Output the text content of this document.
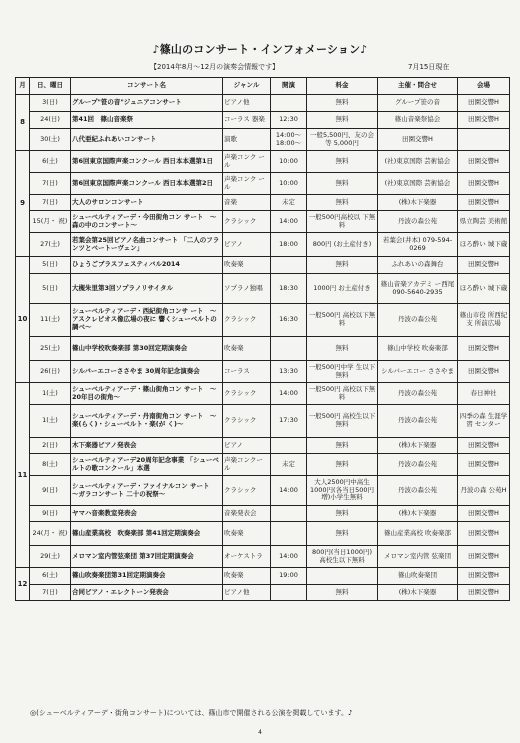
♪篠山のコンサート・インフォメーション♪
【2014年8月～12月の演奏会情報です】	7月15日現在
月	日、曜日	コンサート名	ジャンル	開演	料金	主催・問合せ	会場
8	3(日)	グループ"笹の音"ジュニアコンサート	ピアノ他		無料	グループ笹の音	田園交響H
	24(日)	第41回　篠山音楽祭	コーラス 器楽	12:30	無料	篠山音楽祭協会	田園交響H
	30(土)	八代亜紀ふれあいコンサート	演歌	14:00～ 18:00～	一般5,500円、友の会等 5,000円	田園交響H	
9	6(土)	第6回東京国際声楽コンクール 西日本本選第1日	声楽コンク ール	10:00	無料	(社)東京国際 芸術協会	田園交響H
	7(日)	第6回東京国際声楽コンクール 西日本本選第2日	声楽コンク ール	10:00	無料	(社)東京国際 芸術協会	田園交響H
	7(日)	大人のサロンコンサート	音楽	未定	無料	(株)木下楽器	田園交響H
	15(月・ 祝)	シューベルティアーデ・今田街角コン サート　～森の中のコンサート～	クラシック	14:00	一般500円高校以 下無料	丹波の森公苑	県立陶芸 美術館
	27(土)	若葉会第25回ピアノ名曲コンサート 「二人のフランツとベートーヴェン」	ピアノ	18:00	800円 (お土産付き)	若葉会(井本) 079-594-0269	ほろ酔い 城下蔵
10	5(日)	ひょうごブラスフェスティバル2014	吹奏楽		無料	ふれあいの森舞台	田園交響H
	5(日)	大槻朱里第3回ソプラノリサイタル	ソプラノ独唱	18:30	1000円 お土産付き	篠山音楽アカデミ ー西尾090-5640-2935	ほろ酔い 城下蔵
	11(土)	シューベルティアーデ・西紀街角コンサ ート　～アスクレピオス像広場の夜に 響くシューベルトの調べ～	クラシック	16:30	一般500円 高校以下無料	丹波の森公苑	篠山市役 所西紀支 所前広場
	25(土)	篠山中学校吹奏楽部 第30回定期演奏会	吹奏楽		無料	篠山中学校 吹奏楽部	田園交響H
	26(日)	シルバーエコーささやま 30周年記念演奏会	コーラス	13:30	一般500円中学 生以下無料	シルバーエコー ささやま	田園交響H
11	1(土)	シューベルティアーデ・篠山街角コン サート　～20年目の街角～	クラシック	14:00	一般500円 高校以下無料	丹波の森公苑	春日神社
	1(土)	シューベルティアーデ・丹南街角コン サート　～楽(らく)・シューベルト・楽(が く)～	クラシック	17:30	一般500円 高校生以下無料	丹波の森公苑	四季の森 生涯学習 センター
	2(日)	木下楽器ピアノ発表会	ピアノ		無料	(株)木下楽器	田園交響H
	8(土)	シューベルティアーデ20周年記念事業 「シューベルトの歌コンクール」本選	声楽コンクール	未定	無料	丹波の森公苑	田園交響H
	9(日)	シューベルティアーデ・ファイナルコン サート　～ガラコンサート 二十の祝祭～	クラシック	14:00	大人2500円中高生 1000円(各当日500円 増)小学生無料	丹波の森公苑	丹波の森 公苑H
	9(日)	ヤマハ音楽教室発表会	音楽発表会		無料	(株)木下楽器	田園交響H
	24(月・ 祝)	篠山産業高校　吹奏楽部 第41回定期演奏会	吹奏楽		無料	篠山産業高校 吹奏楽部	田園交響H
	29(土)	メロマン室内管弦楽団 第37回定期演奏会	オーケストラ	14:00	800円(当日1000円) 高校生以下無料	メロマン室内管 弦楽団	田園交響H
12	6(土)	篠山吹奏楽団第31回定期演奏会	吹奏楽	19:00		篠山吹奏楽団	田園交響H
	7(日)	合同ピアノ・エレクトーン発表会	ピアノ他		無料	(株)木下楽器	田園交響H
◎(シューベルティアーデ・街角コンサート)については、篠山市で開催される公演を掲載しています。♪
4
